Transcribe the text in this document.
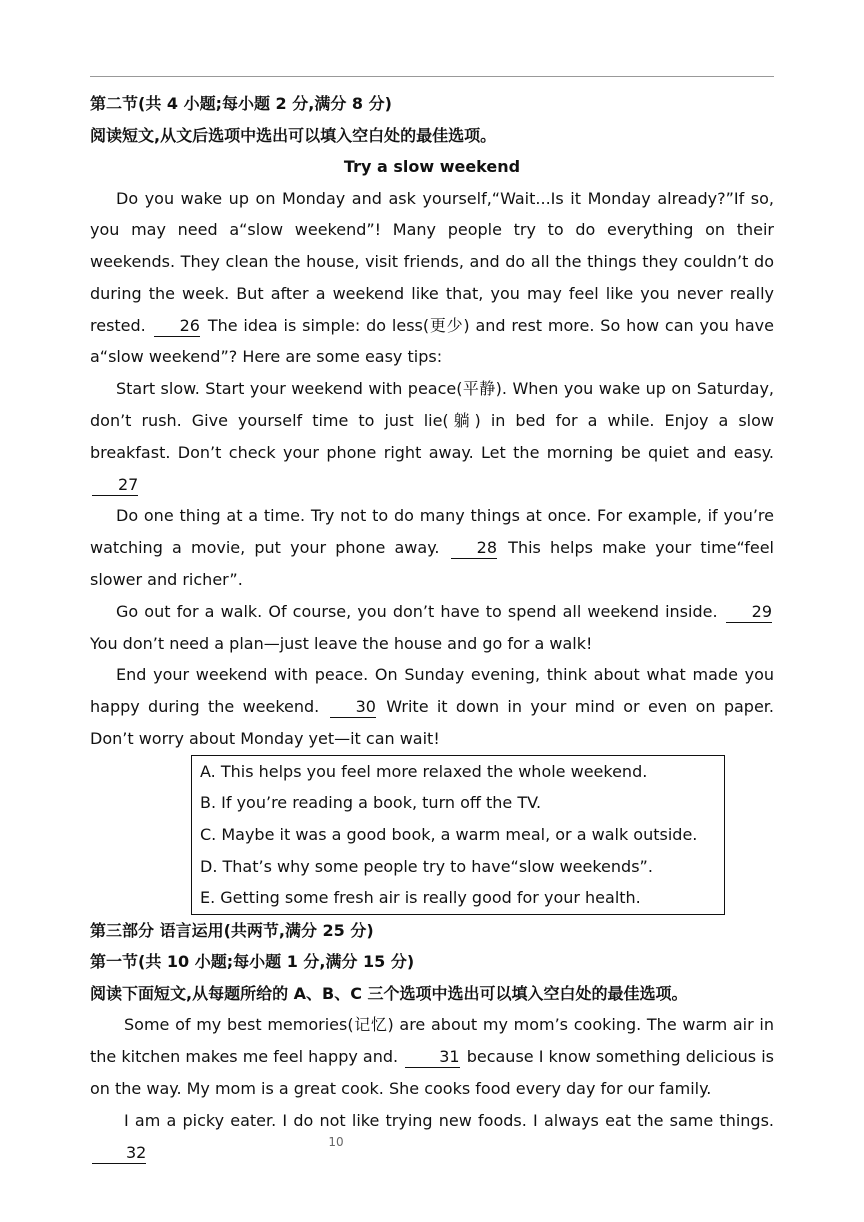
第二节(共 4 小题;每小题 2 分,满分 8 分)
阅读短文,从文后选项中选出可以填入空白处的最佳选项。
Try a slow weekend

Do you wake up on Monday and ask yourself,“Wait...Is it Monday already?”If so, you may need a“slow weekend”! Many people try to do everything on their weekends. They clean the house, visit friends, and do all the things they couldn’t do during the week. But after a weekend like that, you may feel like you never really rested. 26 The idea is simple: do less(更少) and rest more. So how can you have a“slow weekend”? Here are some easy tips:

Start slow. Start your weekend with peace(平静). When you wake up on Saturday, don’t rush. Give yourself time to just lie(躺) in bed for a while. Enjoy a slow breakfast. Don’t check your phone right away. Let the morning be quiet and easy. 27

Do one thing at a time. Try not to do many things at once. For example, if you’re watching a movie, put your phone away. 28 This helps make your time“feel slower and richer”.

Go out for a walk. Of course, you don’t have to spend all weekend inside. 29 You don’t need a plan—just leave the house and go for a walk!

End your weekend with peace. On Sunday evening, think about what made you happy during the weekend. 30 Write it down in your mind or even on paper. Don’t worry about Monday yet—it can wait!

A. This helps you feel more relaxed the whole weekend.
B. If you’re reading a book, turn off the TV.
C. Maybe it was a good book, a warm meal, or a walk outside.
D. That’s why some people try to have“slow weekends”.
E. Getting some fresh air is really good for your health.
第三部分 语言运用(共两节,满分 25 分)
第一节(共 10 小题;每小题 1 分,满分 15 分)
阅读下面短文,从每题所给的 A、B、C 三个选项中选出可以填入空白处的最佳选项。

Some of my best memories(记忆) are about my mom’s cooking. The warm air in the kitchen makes me feel happy and.	31 because I know something delicious is on the way. My mom is a great cook. She cooks food every day for our family.

I am a picky eater. I do not like trying new foods. I always eat the same things. 32

10
